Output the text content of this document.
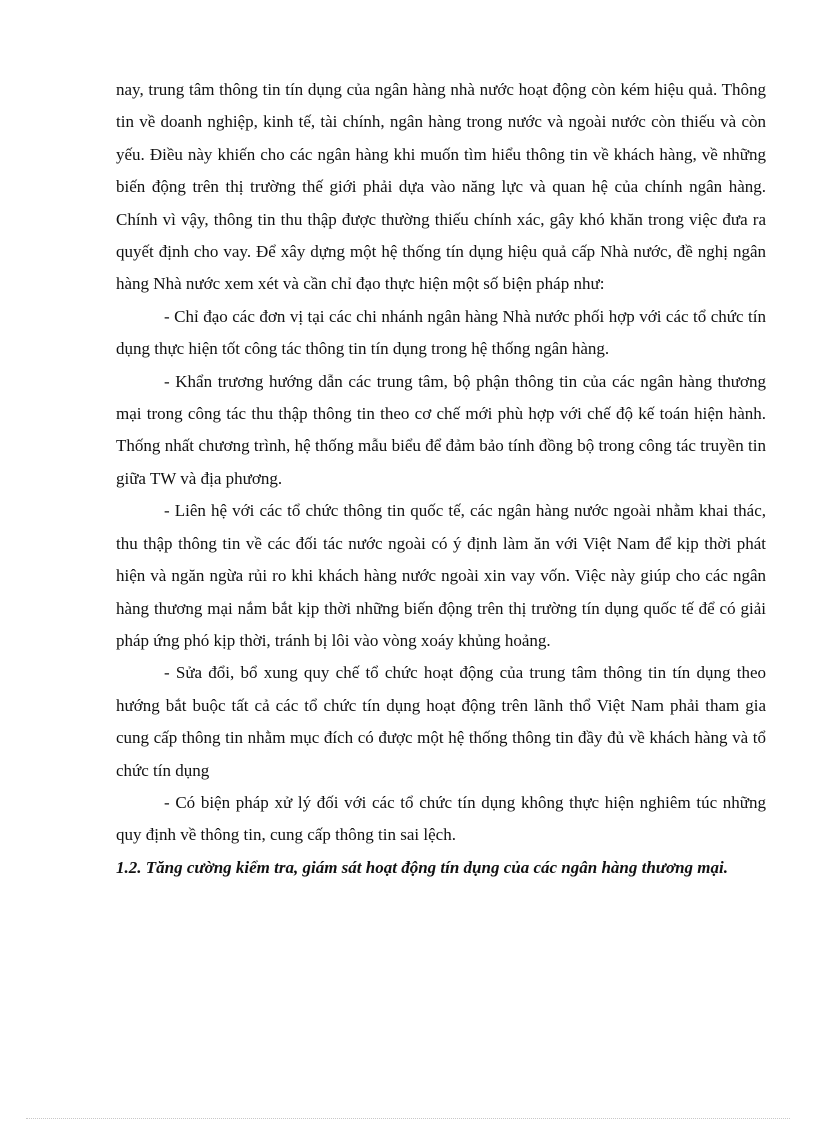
nay, trung tâm thông tin tín dụng của ngân hàng nhà nước hoạt động còn kém hiệu quả. Thông tin về doanh nghiệp, kinh tế, tài chính, ngân hàng trong nước và ngoài nước còn thiếu và còn yếu. Điều này khiến cho các ngân hàng khi muốn tìm hiểu thông tin về khách hàng, về những biến động trên thị trường thế giới phải dựa vào năng lực và quan hệ của chính ngân hàng. Chính vì vậy, thông tin thu thập được thường thiếu chính xác, gây khó khăn trong việc đưa ra quyết định cho vay. Để xây dựng một hệ thống tín dụng hiệu quả cấp Nhà nước, đề nghị ngân hàng Nhà nước xem xét và cần chỉ đạo thực hiện một số biện pháp như:

- Chỉ đạo các đơn vị tại các chi nhánh ngân hàng Nhà nước phối hợp với các tổ chức tín dụng thực hiện tốt công tác thông tin tín dụng trong hệ thống ngân hàng.

- Khẩn trương hướng dẫn các trung tâm, bộ phận thông tin của các ngân hàng thương mại trong công tác thu thập thông tin theo cơ chế mới phù hợp với chế độ kế toán hiện hành. Thống nhất chương trình, hệ thống mẫu biểu để đảm bảo tính đồng bộ trong công tác truyền tin giữa TW và địa phương.

- Liên hệ với các tổ chức thông tin quốc tế, các ngân hàng nước ngoài nhằm khai thác, thu thập thông tin về các đối tác nước ngoài có ý định làm ăn với Việt Nam để kịp thời phát hiện và ngăn ngừa rủi ro khi khách hàng nước ngoài xin vay vốn. Việc này giúp cho các ngân hàng thương mại nắm bắt kịp thời những biến động trên thị trường tín dụng quốc tế để có giải pháp ứng phó kịp thời, tránh bị lôi vào vòng xoáy khủng hoảng.

- Sửa đổi, bổ xung quy chế tổ chức hoạt động của trung tâm thông tin tín dụng theo hướng bắt buộc tất cả các tổ chức tín dụng hoạt động trên lãnh thổ Việt Nam phải tham gia cung cấp thông tin nhằm mục đích có được một hệ thống thông tin đầy đủ về khách hàng và tổ chức tín dụng

- Có biện pháp xử lý đối với các tổ chức tín dụng không thực hiện nghiêm túc những quy định về thông tin, cung cấp thông tin sai lệch.

1.2. Tăng cường kiểm tra, giám sát hoạt động tín dụng của các ngân hàng thương mại.
